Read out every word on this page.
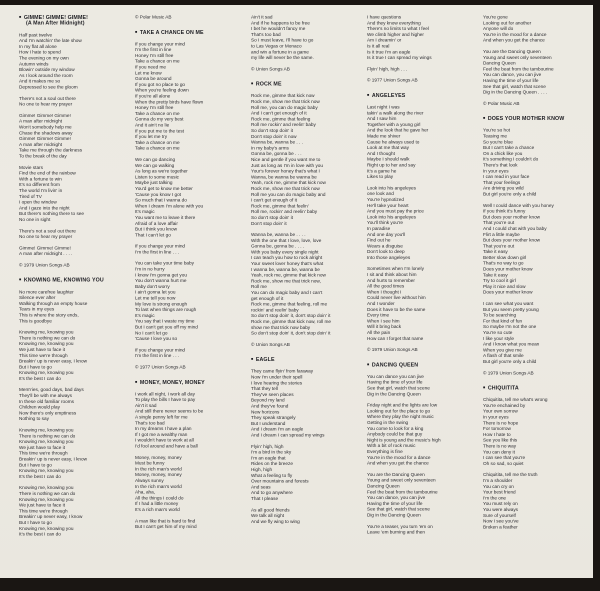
■ GIMME! GIMME! GIMME!
(A Man After Midnight)
Half past twelve
And I'm watchin' the late show
In my flat all alone
How I hate to spend
The evening on my own
Autumn winds
Blowin' outside my window
As I look around the room
And it makes me so
Depressed to see the gloom
There's not a soul out there
No one to hear my prayer
Gimme! Gimme! Gimme!
A man after midnight
Won't somebody help me
Chase the shadows away
Gimme! Gimme! Gimme!
A man after midnight
Take me through the darkness
To the break of the day
Movie stars
Find the end of the rainbow
With a fortune to win
It's so different from
The world I'm livin' in
Tired of TV
I open the window
And I gaze into the night
But there's nothing there to see
No one in sight
There's not a soul out there
No one to hear my prayer
Gimme! Gimme! Gimme!
A man after midnight . . . .
© 1979 Union Songs AB
■ KNOWING ME, KNOWING YOU
No more carefree laughter
Silence ever after
Walking through an empty house
Tears in my eyes
This is where the story ends,
This is goodbye
Knowing me, knowing you
There is nothing we can do
Knowing me, knowing you
We just have to face it
This time we're through
Breakin' up is never easy, I know
But I have to go
Knowing me, knowing you
It's the best I can do
Mem'ries, good days, bad days
They'll be with me always
In these old familiar rooms
Children would play
Now there's only emptiness
Nothing to say
Knowing me, knowing you
There is nothing we can do
Knowing me, knowing you
We just have to face it
This time we're through
Breakin' up is never easy, I know
But I have to go
Knowing me, knowing you
It's the best I can do
Knowing me, knowing you
There is nothing we can do
Knowing me, knowing you
We just have to face it
This time we're through
Breakin' up never easy, I know
But I have to go
Knowing me, knowing you
It's the best I can do
© Polar Music AB
■ TAKE A CHANCE ON ME
If you change your mind
I'm the first in line
Honey I'm still free
Take a chance on me
If you need me
Let me know
Gonna be around
If you got no place to go
When you're feeling down
If you're all alone
When the pretty birds have flown
Honey I'm still free
Take a chance on me
Gonna do my very best
And it ain't no lie
If you put me to the test
If you let me try
Take a chance on me
Take a chance on me
We can go dancing
We can go walking
As long as we're together
Listen to some music
Maybe just talking
You'd get to know me better
'Cause you know I got
So much that I wanna do
When I dream I'm alone with you
It's magic
You want me to leave it there
Afraid of a love affair
But I think you know
That I can't let go
If you change your mind
I'm the first in line . . .
You can take your time baby
I'm in no hurry
I know I'm gonna get you
You don't wanna hurt me
Baby don't worry
I ain't gonna let you
Let me tell you now
My love is strong enough
To last when things are rough
It's magic
You say that I waste my time
But I can't get you off my mind
No I can't let go
'Cause I love you so
If you change your mind
I'm the first in line . . .
© 1977 Union Songs AB
■ MONEY, MONEY, MONEY
I work all night, I work all day
To play the bills I have to pay
Ain't it sad
And still there never seems to be
A single penny left for me
That's too bad
In my dreams I have a plan
If I got me a wealthy man
I wouldn't have to work at all
I'd fool around and have a ball
Money, money, money
Must be funny
In the rich man's world
Money, money, money
Always sunny
In the rich man's world
Aha, aha,
All the things I could do
If I had a little money
It's a rich man's world
A man like that is hard to find
But I can't get him of my mind
Ain't it sad
And if he happens to be free
I bet he wouldn't fancy me
That's too bad
So I must leave, I'll have to go
to Las Vegas or Monaco
and win a fortune in a game
my life will never be the same.
© Union Songs AB
■ ROCK ME
Rock me, gimme that kick now
Rock me, show me that trick now
Roll me, you can do magic baby
And I can't get enough of it
Rock me, gimme that feeling
Roll me rockin' and reelin' baby
So don't stop doin' it
Don't stop doin' it now
Wanna be, wanna be . . .
In my baby's arms
Gonna be, gonna be . . .
Nice and gentle if you want me to
Just as long as I'm in love with you
Your's forever honey that's what I
Wanna, be wanna be wanna be
Yeah, rock me, gimme that kick now
Rock me, show me that trick now
Roll me you can do magic baby and
I can't get enough of it
Rock me, gimme that feelin'
Roll me, rockin' and reelin' baby
So don't stop doin' it
Don't stop doin' it
Wanna be, wanna be . . . .
With the one that I love, love, love
Gonna be, gonna be . . . .
With you baby every single night
I can teach you how to rock alright
Your sweet lover honey that's what
I wanna be, wanna be, wanna be
Yeah, rock me, gimme that kick now
Rock me, show me that trick now,
Roll me
You can do magic baby and I can't
get enough of it
Rock me, gimme that feeling, roll me
rockin' and reelin' baby
So don't stop doin' it, don't stop doin' it
Rock me, gimme that kick now, roll me
show me that trick now baby
So don't stop doin' it, don't stop doin' it
© Union Songs AB
■ EAGLE
They came flyin' from faraway
Now I'm under their spell
I love hearing the stories
That they tell
They've seen places
Beyond my land
And they've found
New horizons
They speak strangely
But I understand
And I dream I'm an eagle
And I dream I can spread my wings
Flyin' high, high
I'm a bird in the sky
I'm an eagle that
Rides on the breeze
High, high
What a feeling to fly
Over mountains and forests
And seas
And to go anywhere
That I please
As all good friends
We talk all night
And we fly wing to wing
I have questions
And they know everything
There's no limits to what I feel
We climb higher and higher
Am I dreamin' or
Is it all real
Is it true I'm an eagle
Is it true I can spread my wings
Flyin' high, high . . .
© 1977 Union Songs AB
■ ANGELEYES
Last night I was
takin' a walk along the river
And I saw him
Together with a young girl
And the look that he gave her
Made me shiver
Cause he always used to
Look at me that way
And I thought
Maybe I should walk
Right up to her and say
It's a game he
Likes to play
Look into his angeleyes
one look and
You're hypnotized
He'll take your heart
And you must pay the price
Look into his angeleyes
You'll think you're
In paradise
And one day you'll
Find out he
Wears a disguise
Don't look to deep
Into those angeleyes
Sometimes when I'm lonely
I sit and think about him
And hurts to remember
All the good times
When I thought I
Could never live without him
And I wonder
Does it have to be the same
Every time
When I see him
Will it bring back
All the pain
How can I forget that name
© 1979 Union Songs AB
■ DANCING QUEEN
You can dance you can jive
Having the time of your life
See that girl, watch that scene
Dig in the Dancing Queen
Friday night and the lights are low
Looking out for the place to go
Where they play the night music
Getting in the swing
You come to look for a king
Anybody could be that guy
Night is young and the music's high
With a bit of rock music
Everything is fine
You're in the mood for a dance
And when you get the chance
You are the Dancing Queen
Young and sweet only seventeen
Dancing Queen
Feel the beat from the tambourine
You can dance, you can jive
Having the time of your life
See that girl, watch that scene
Dig in the Dancing Queen
You're a teaser, you turn 'em on
Leave 'em burning and then
You're gone
Looking out for another
Anyone will do
You're in the mood for a dance
And when you get the chance
You are the Dancing Queen
Young and sweet only seventeen
Dancing Queen
Feel the beat from the tambourine
You can dance, you can jive
Having the time of your life
See that girl, watch that scene
Dig in the Dancing Queen . . . .
© Polar Music AB
■ DOES YOUR MOTHER KNOW
You're so hot
Teasing me
So you're blue
But I can't take a chance
On a chick like you
It's something I couldn't do
There's that look
In your eyes
I can read in your face
That your feelings
Are driving you wild
But girl you're only a child
Well I could dance with you honey
If you think it's funny
But does your mother know
That you're out
And I could chat with you baby
Flirt a little maybe
But does your mother know
That you're out
Take it easy
Better slow down girl
That's no way to go
Does your mother know
Take it easy
Try to cool it girl
Play it nice and slow
Does your mother know
I can see what you want
But you seem pretty young
To be searching
For that kind of fun
So maybe I'm not the one
You're so cute
I like your style
And I know what you mean
When you give me
A flash of that smile
But girl you're only a child
© 1979 Union Songs AB
■ CHIQUITITA
Chiquitita, tell me what's wrong
You're enchained by
Your own sorrow
In your eyes
There is no hope
For tomorrow
How I hate to
See you like this
There is no way
You can deny it
I can see that you're
Oh so sad, so quiet
Chiquitita, tell me the truth
I'm a shoulder
You can cry on
Your best friend
I'm the one
You must rely on
You were always
Sure of yourself
Now I see you've
Broken a feather
